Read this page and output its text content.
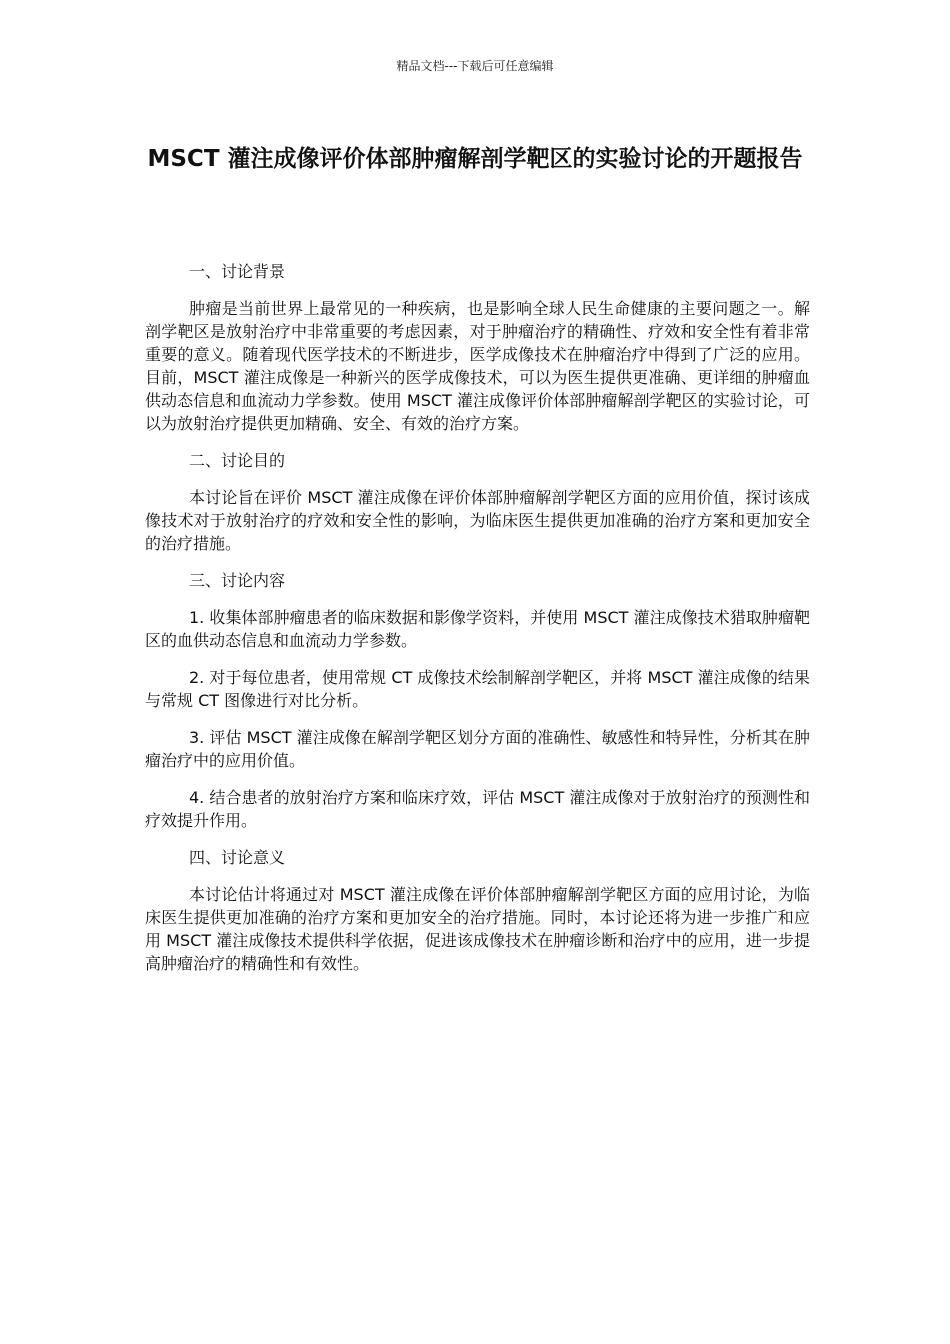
精品文档---下载后可任意编辑
MSCT 灌注成像评价体部肿瘤解剖学靶区的实验讨论的开题报告

一、讨论背景

肿瘤是当前世界上最常见的一种疾病，也是影响全球人民生命健康的主要问题之一。解剖学靶区是放射治疗中非常重要的考虑因素，对于肿瘤治疗的精确性、疗效和安全性有着非常重要的意义。随着现代医学技术的不断进步，医学成像技术在肿瘤治疗中得到了广泛的应用。目前，MSCT 灌注成像是一种新兴的医学成像技术，可以为医生提供更准确、更详细的肿瘤血供动态信息和血流动力学参数。使用 MSCT 灌注成像评价体部肿瘤解剖学靶区的实验讨论，可以为放射治疗提供更加精确、安全、有效的治疗方案。

二、讨论目的

本讨论旨在评价 MSCT 灌注成像在评价体部肿瘤解剖学靶区方面的应用价值，探讨该成像技术对于放射治疗的疗效和安全性的影响，为临床医生提供更加准确的治疗方案和更加安全的治疗措施。

三、讨论内容

1. 收集体部肿瘤患者的临床数据和影像学资料，并使用 MSCT 灌注成像技术猎取肿瘤靶区的血供动态信息和血流动力学参数。

2. 对于每位患者，使用常规 CT 成像技术绘制解剖学靶区，并将 MSCT 灌注成像的结果与常规 CT 图像进行对比分析。

3. 评估 MSCT 灌注成像在解剖学靶区划分方面的准确性、敏感性和特异性，分析其在肿瘤治疗中的应用价值。

4. 结合患者的放射治疗方案和临床疗效，评估 MSCT 灌注成像对于放射治疗的预测性和疗效提升作用。

四、讨论意义

本讨论估计将通过对 MSCT 灌注成像在评价体部肿瘤解剖学靶区方面的应用讨论，为临床医生提供更加准确的治疗方案和更加安全的治疗措施。同时，本讨论还将为进一步推广和应用 MSCT 灌注成像技术提供科学依据，促进该成像技术在肿瘤诊断和治疗中的应用，进一步提高肿瘤治疗的精确性和有效性。
